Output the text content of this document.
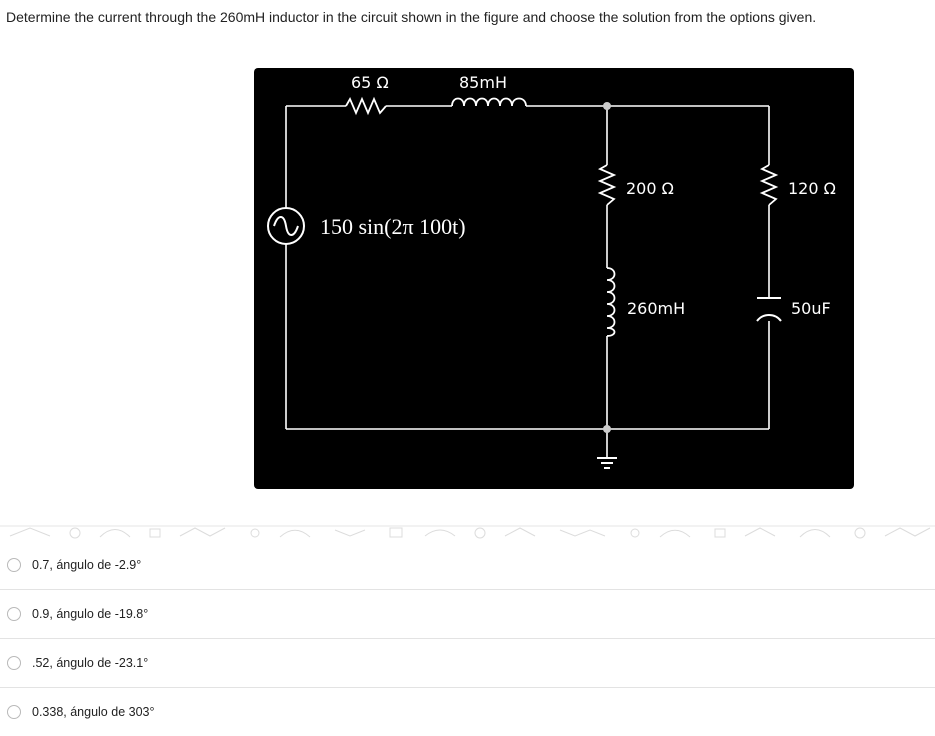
Determine the current through the 260mH inductor in the circuit shown in the figure and choose the solution from the options given.
65 Ω	85mH
150 sin(2π 100t)
200 Ω
260mH
120 Ω
50uF
0.7, ángulo de -2.9°
0.9, ángulo de -19.8°
.52, ángulo de -23.1°
0.338, ángulo de 303°
